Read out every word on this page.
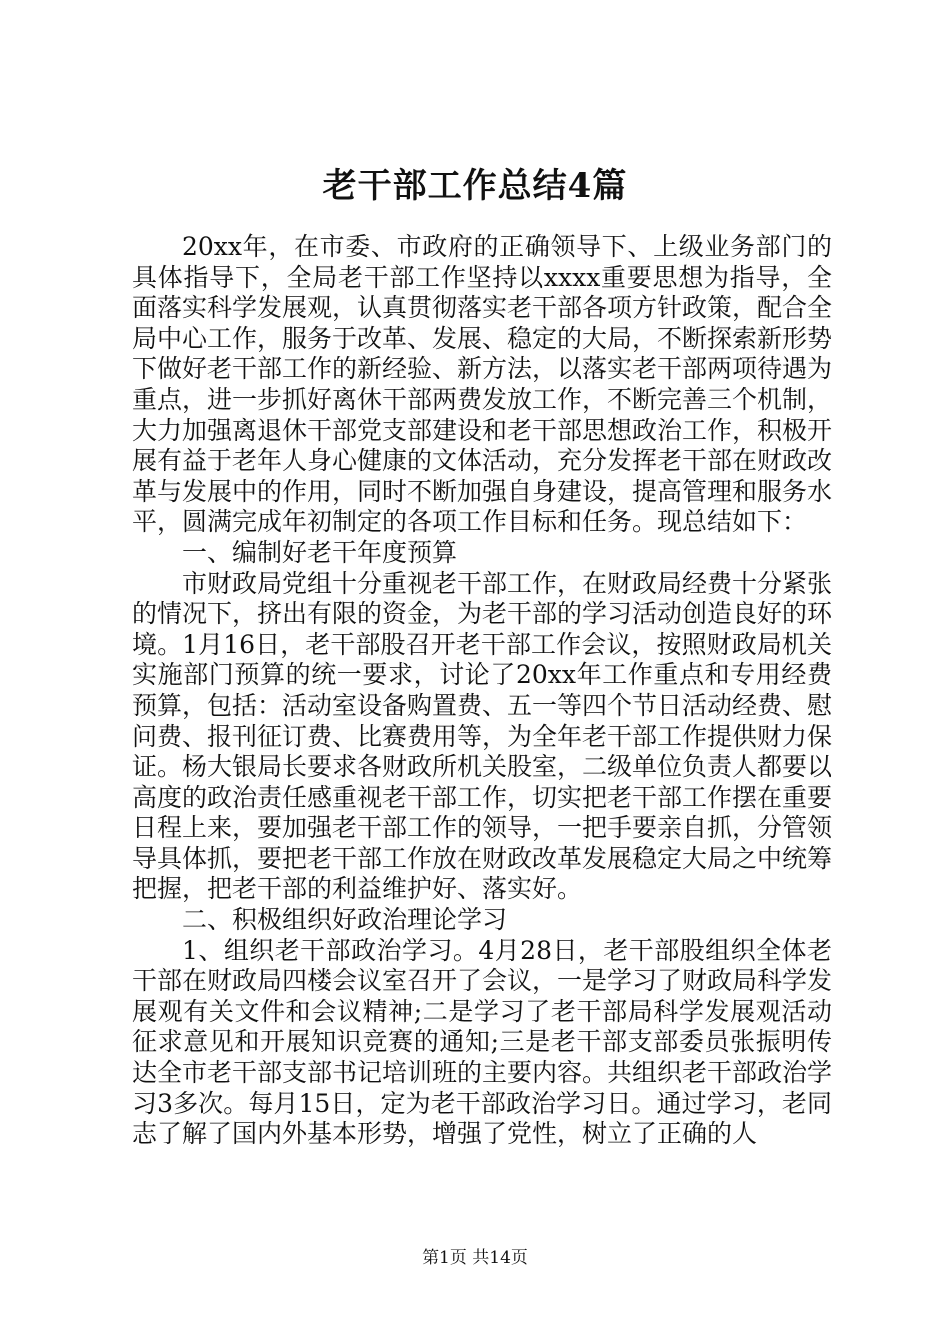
老干部工作总结4篇

20xx年，在市委、市政府的正确领导下、上级业务部门的具体指导下，全局老干部工作坚持以xxxx重要思想为指导，全面落实科学发展观，认真贯彻落实老干部各项方针政策，配合全局中心工作，服务于改革、发展、稳定的大局，不断探索新形势下做好老干部工作的新经验、新方法，以落实老干部两项待遇为重点，进一步抓好离休干部两费发放工作，不断完善三个机制，大力加强离退休干部党支部建设和老干部思想政治工作，积极开展有益于老年人身心健康的文体活动，充分发挥老干部在财政改革与发展中的作用，同时不断加强自身建设，提高管理和服务水平，圆满完成年初制定的各项工作目标和任务。现总结如下：

一、编制好老干年度预算

市财政局党组十分重视老干部工作，在财政局经费十分紧张的情况下，挤出有限的资金，为老干部的学习活动创造良好的环境。1月16日，老干部股召开老干部工作会议，按照财政局机关实施部门预算的统一要求，讨论了20xx年工作重点和专用经费预算，包括：活动室设备购置费、五一等四个节日活动经费、慰问费、报刊征订费、比赛费用等，为全年老干部工作提供财力保证。杨大银局长要求各财政所机关股室，二级单位负责人都要以高度的政治责任感重视老干部工作，切实把老干部工作摆在重要日程上来，要加强老干部工作的领导，一把手要亲自抓，分管领导具体抓，要把老干部工作放在财政改革发展稳定大局之中统筹把握，把老干部的利益维护好、落实好。

二、积极组织好政治理论学习

1、组织老干部政治学习。4月28日，老干部股组织全体老干部在财政局四楼会议室召开了会议，一是学习了财政局科学发展观有关文件和会议精神;二是学习了老干部局科学发展观活动征求意见和开展知识竞赛的通知;三是老干部支部委员张振明传达全市老干部支部书记培训班的主要内容。共组织老干部政治学习3多次。每月15日，定为老干部政治学习日。通过学习，老同志了解了国内外基本形势，增强了党性，树立了正确的人

第1页 共14页
